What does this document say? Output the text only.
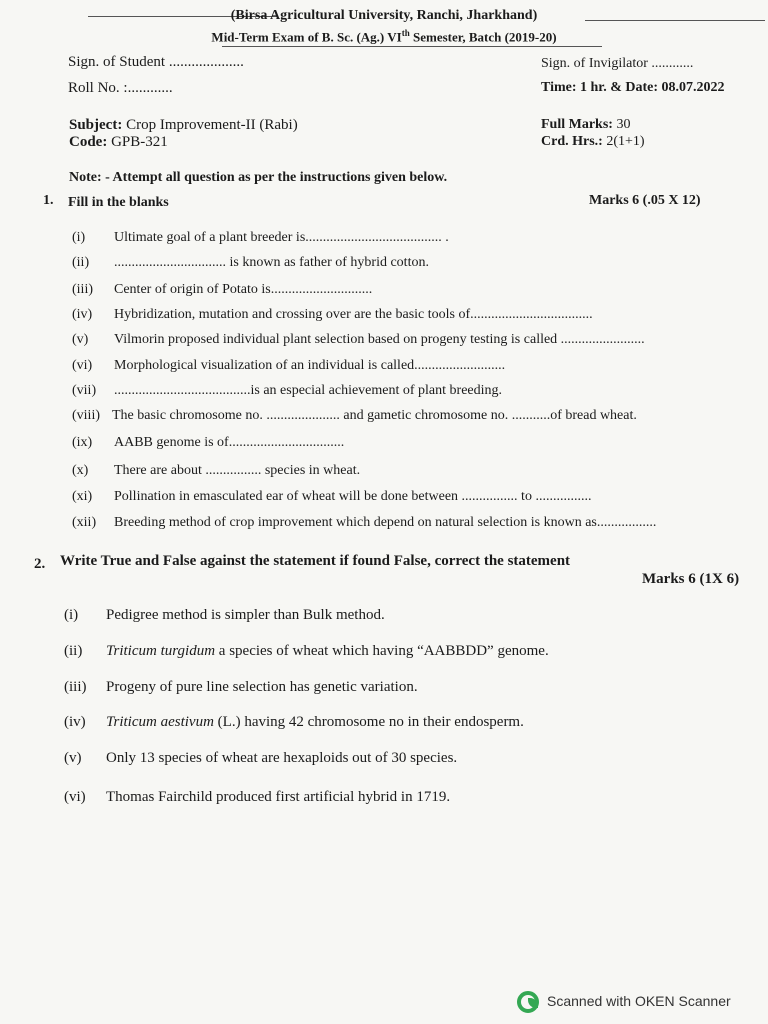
(Birsa Agricultural University, Ranchi, Jharkhand)
Mid-Term Exam of B. Sc. (Ag.) VIth Semester, Batch (2019-20)
Sign. of Student ....................
Roll No. :............
Sign. of Invigilator ............
Time: 1 hr. & Date: 08.07.2022
Subject: Crop Improvement-II (Rabi)
Code: GPB-321
Full Marks: 30
Crd. Hrs.: 2(1+1)
Note: - Attempt all question as per the instructions given below.
1. Fill in the blanks	Marks 6 (.05 X 12)
(i) Ultimate goal of a plant breeder is....................................... .
(ii) ................................ is known as father of hybrid cotton.
(iii) Center of origin of Potato is.............................
(iv) Hybridization, mutation and crossing over are the basic tools of...................................
(v) Vilmorin proposed individual plant selection based on progeny testing is called ........................
(vi) Morphological visualization of an individual is called..........................
(vii) .......................................is an especial achievement of plant breeding.
(viii) The basic chromosome no. ..................... and gametic chromosome no. ...........of bread wheat.
(ix) AABB genome is of.................................
(x) There are about ................ species in wheat.
(xi) Pollination in emasculated ear of wheat will be done between ................ to ................
(xii) Breeding method of crop improvement which depend on natural selection is known as.................
2. Write True and False against the statement if found False, correct the statement
Marks 6 (1X 6)
(i) Pedigree method is simpler than Bulk method.
(ii) Triticum turgidum a species of wheat which having “AABBDD” genome.
(iii) Progeny of pure line selection has genetic variation.
(iv) Triticum aestivum (L.) having 42 chromosome no in their endosperm.
(v) Only 13 species of wheat are hexaploids out of 30 species.
(vi) Thomas Fairchild produced first artificial hybrid in 1719.
Scanned with OKEN Scanner
